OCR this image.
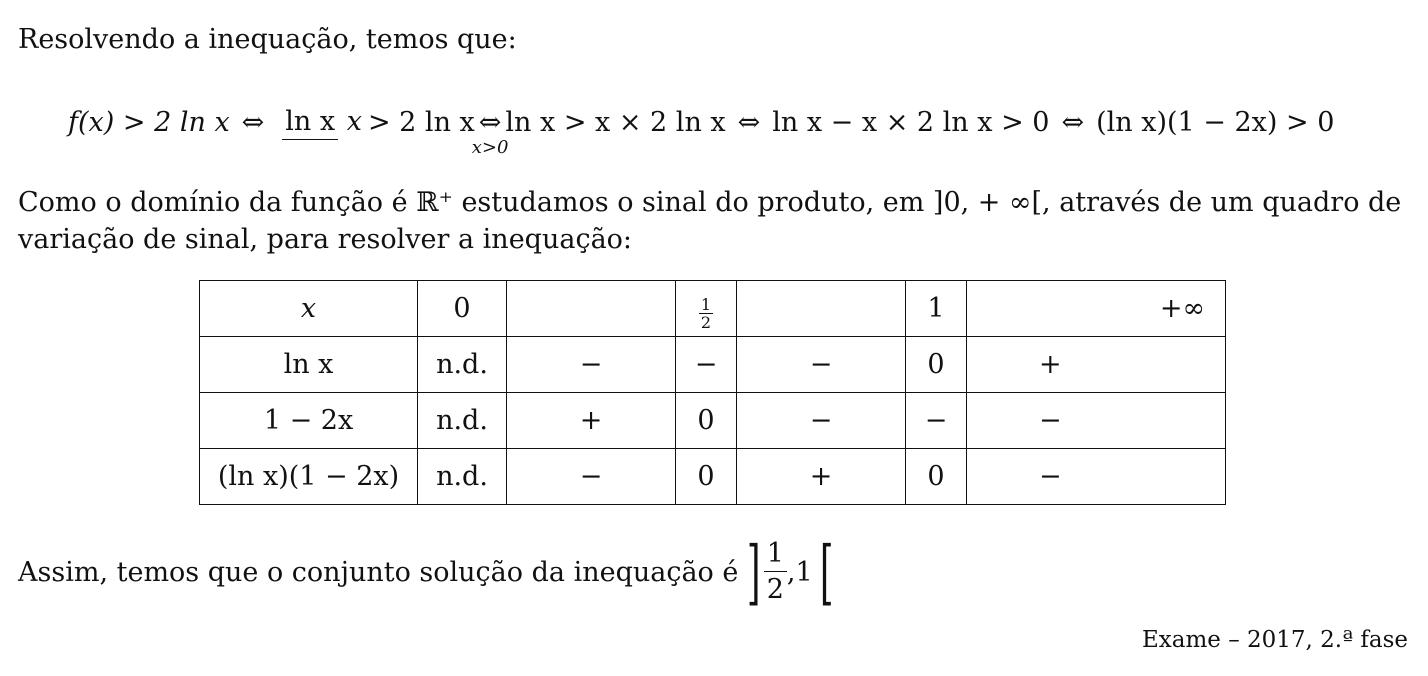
Resolvendo a inequação, temos que:
f(x) > 2 ln x ⇔ ln x x > 2 ln x ⇔
x>0
ln x > x × 2 ln x ⇔ ln x − x × 2 ln x > 0 ⇔ (ln x)(1 − 2x) > 0
Como o domínio da função é ℝ⁺ estudamos o sinal do produto, em ]0, + ∞[, através de um quadro de
variação de sinal, para resolver a inequação:
x	0		$\frac{1}{2}$		1	+∞
ln x	n.d.	−	−	−	0	+
1 − 2x	n.d.	+	0	−	−	−
(ln x)(1 − 2x)	n.d.	−	0	+	0	−
Assim, temos que o conjunto solução da inequação é ] $\frac{1}{2} ,1$ [
Exame – 2017, 2.ª fase
